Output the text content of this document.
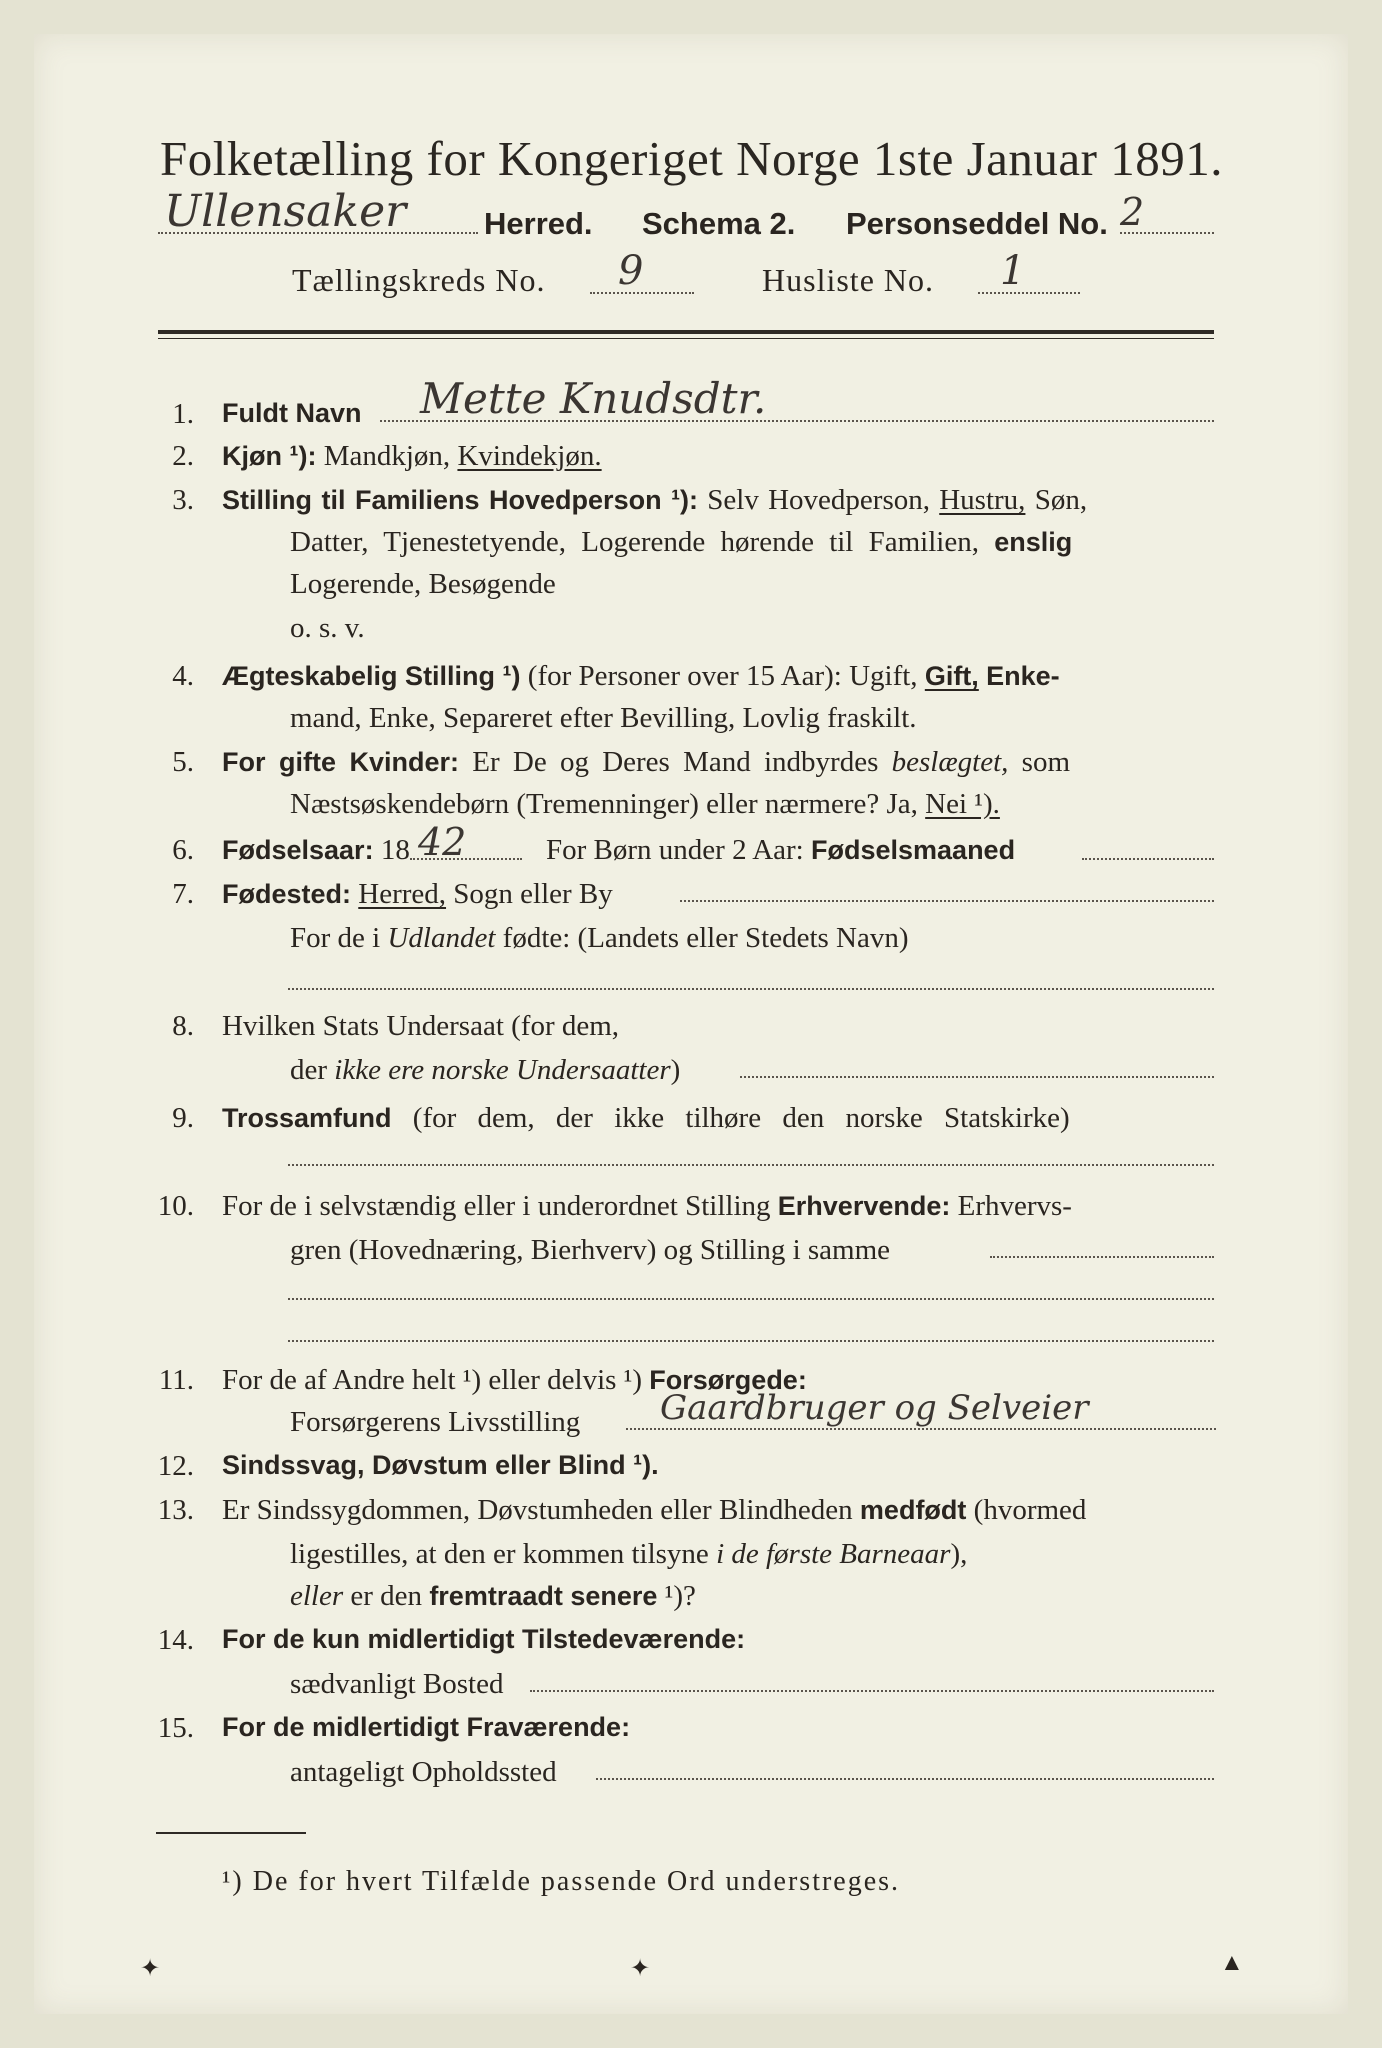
Folketælling for Kongeriget Norge 1ste Januar 1891.
Ullensaker	Herred. Schema 2. Personseddel No. 2
Tællingskreds No. 9	Husliste No. 1
1. Fuldt Navn Mette Knudsdtr.
2. Kjøn ¹): Mandkjøn, Kvindekjøn.
3. Stilling til Familiens Hovedperson ¹): Selv Hovedperson, Hustru, Søn,
Datter, Tjenestetyende, Logerende hørende til Familien, enslig
Logerende, Besøgende
o. s. v.
4. Ægteskabelig Stilling ¹) (for Personer over 15 Aar): Ugift, Gift, Enke-
mand, Enke, Separeret efter Bevilling, Lovlig fraskilt.
5. For gifte Kvinder: Er De og Deres Mand indbyrdes beslægtet, som
Næstsøskendebørn (Tremenninger) eller nærmere? Ja, Nei ¹).
6. Fødselsaar: 18 42	For Børn under 2 Aar: Fødselsmaaned
7. Fødested: Herred, Sogn eller By
For de i Udlandet fødte: (Landets eller Stedets Navn)
8. Hvilken Stats Undersaat (for dem,
der ikke ere norske Undersaatter)
9. Trossamfund (for dem, der ikke tilhøre den norske Statskirke)
10. For de i selvstændig eller i underordnet Stilling Erhvervende: Erhvervs-
gren (Hovednæring, Bierhverv) og Stilling i samme
11. For de af Andre helt ¹) eller delvis ¹) Forsørgede:
Forsørgerens Livsstilling Gaardbruger og Selveier
12. Sindssvag, Døvstum eller Blind ¹).
13. Er Sindssygdommen, Døvstumheden eller Blindheden medfødt (hvormed
ligestilles, at den er kommen tilsyne i de første Barneaar),
eller er den fremtraadt senere ¹)?
14. For de kun midlertidigt Tilstedeværende:
sædvanligt Bosted
15. For de midlertidigt Fraværende:
antageligt Opholdssted
¹) De for hvert Tilfælde passende Ord understreges.
✦	✦	▲
